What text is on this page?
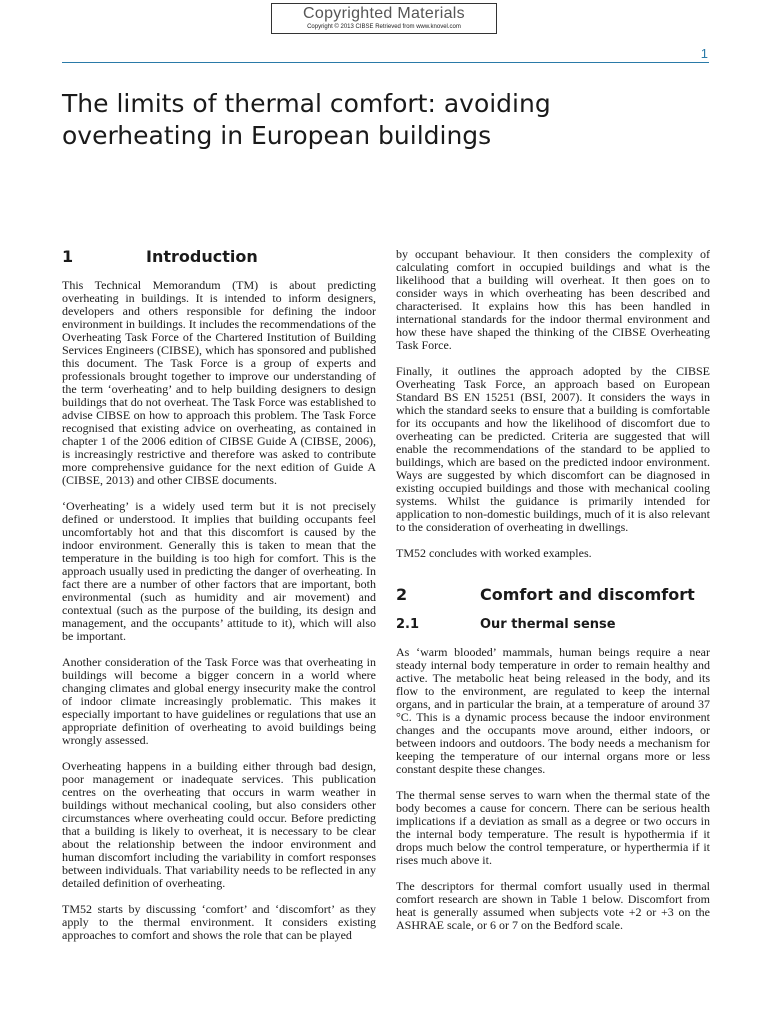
Copyrighted Materials
Copyright © 2013 CIBSE Retrieved from www.knovel.com
1
The limits of thermal comfort: avoiding overheating in European buildings
1	Introduction

This Technical Memorandum (TM) is about predicting overheating in buildings. It is intended to inform designers, developers and others responsible for defining the indoor environment in buildings. It includes the recommendations of the Overheating Task Force of the Chartered Institution of Building Services Engineers (CIBSE), which has sponsored and published this document. The Task Force is a group of experts and professionals brought together to improve our understanding of the term ‘overheating’ and to help building designers to design buildings that do not overheat. The Task Force was established to advise CIBSE on how to approach this problem. The Task Force recognised that existing advice on overheating, as contained in chapter 1 of the 2006 edition of CIBSE Guide A (CIBSE, 2006), is increasingly restrictive and therefore was asked to contribute more comprehensive guidance for the next edition of Guide A (CIBSE, 2013) and other CIBSE documents.

‘Overheating’ is a widely used term but it is not precisely defined or understood. It implies that building occupants feel uncomfortably hot and that this discomfort is caused by the indoor environment. Generally this is taken to mean that the temperature in the building is too high for comfort. This is the approach usually used in predicting the danger of overheating. In fact there are a number of other factors that are important, both environmental (such as humidity and air movement) and contextual (such as the purpose of the building, its design and management, and the occupants’ attitude to it), which will also be important.

Another consideration of the Task Force was that overheating in buildings will become a bigger concern in a world where changing climates and global energy insecurity make the control of indoor climate increasingly problematic. This makes it especially important to have guidelines or regulations that use an appropriate definition of overheating to avoid buildings being wrongly assessed.

Overheating happens in a building either through bad design, poor management or inadequate services. This publication centres on the overheating that occurs in warm weather in buildings without mechanical cooling, but also considers other circumstances where overheating could occur. Before predicting that a building is likely to overheat, it is necessary to be clear about the relationship between the indoor environment and human discomfort including the variability in comfort responses between individuals. That variability needs to be reflected in any detailed definition of overheating.

TM52 starts by discussing ‘comfort’ and ‘discomfort’ as they apply to the thermal environment. It considers existing approaches to comfort and shows the role that can be played

by occupant behaviour. It then considers the complexity of calculating comfort in occupied buildings and what is the likelihood that a building will overheat. It then goes on to consider ways in which overheating has been described and characterised. It explains how this has been handled in international standards for the indoor thermal environment and how these have shaped the thinking of the CIBSE Overheating Task Force.

Finally, it outlines the approach adopted by the CIBSE Overheating Task Force, an approach based on European Standard BS EN 15251 (BSI, 2007). It considers the ways in which the standard seeks to ensure that a building is comfortable for its occupants and how the likelihood of discomfort due to overheating can be predicted. Criteria are suggested that will enable the recommendations of the standard to be applied to buildings, which are based on the predicted indoor environment. Ways are suggested by which discomfort can be diagnosed in existing occupied buildings and those with mechanical cooling systems. Whilst the guidance is primarily intended for application to non-domestic buildings, much of it is also relevant to the consideration of overheating in dwellings.

TM52 concludes with worked examples.

2	Comfort and discomfort
2.1	Our thermal sense

As ‘warm blooded’ mammals, human beings require a near steady internal body temperature in order to remain healthy and active. The metabolic heat being released in the body, and its flow to the environment, are regulated to keep the internal organs, and in particular the brain, at a temperature of around 37 °C. This is a dynamic process because the indoor environment changes and the occupants move around, either indoors, or between indoors and outdoors. The body needs a mechanism for keeping the temperature of our internal organs more or less constant despite these changes.

The thermal sense serves to warn when the thermal state of the body becomes a cause for concern. There can be serious health implications if a deviation as small as a degree or two occurs in the internal body temperature. The result is hypothermia if it drops much below the control temperature, or hyperthermia if it rises much above it.

The descriptors for thermal comfort usually used in thermal comfort research are shown in Table 1 below. Discomfort from heat is generally assumed when subjects vote +2 or +3 on the ASHRAE scale, or 6 or 7 on the Bedford scale.
